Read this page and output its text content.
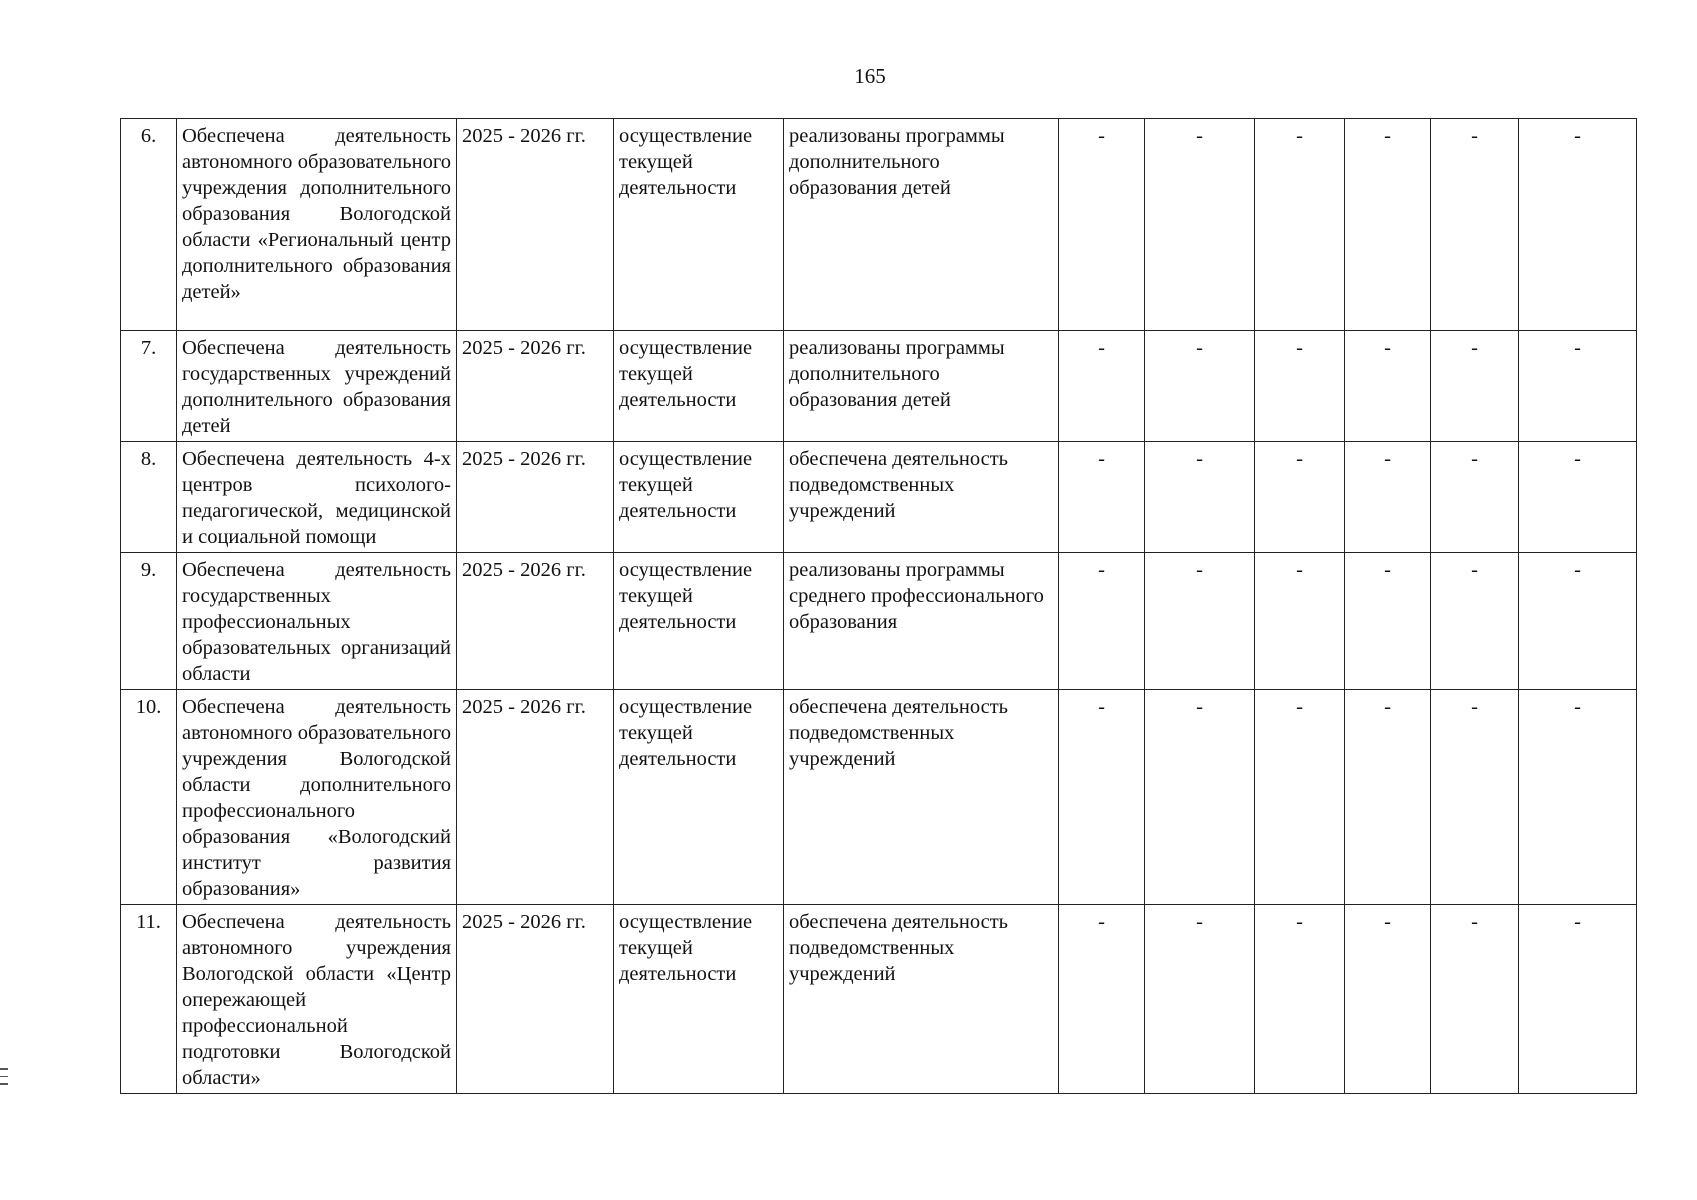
165
6.	Обеспечена деятельность автономного образовательного учреждения дополнительного образования Вологодской области «Региональный центр дополнительного образования детей»	2025 - 2026 гг.	осуществление текущей деятельности	реализованы программы дополнительного образования детей	-	-	-	-	-	-
7.	Обеспечена деятельность государственных учреждений дополнительного образования детей	2025 - 2026 гг.	осуществление текущей деятельности	реализованы программы дополнительного образования детей	-	-	-	-	-	-
8.	Обеспечена деятельность 4-х центров психолого-педагогической, медицинской и социальной помощи	2025 - 2026 гг.	осуществление текущей деятельности	обеспечена деятельность подведомственных учреждений	-	-	-	-	-	-
9.	Обеспечена деятельность государственных профессиональных образовательных организаций области	2025 - 2026 гг.	осуществление текущей деятельности	реализованы программы среднего профессионального образования	-	-	-	-	-	-
10.	Обеспечена деятельность автономного образовательного учреждения Вологодской области дополнительного профессионального образования «Вологодский институт развития образования»	2025 - 2026 гг.	осуществление текущей деятельности	обеспечена деятельность подведомственных учреждений	-	-	-	-	-	-
11.	Обеспечена деятельность автономного учреждения Вологодской области «Центр опережающей профессиональной подготовки Вологодской области»	2025 - 2026 гг.	осуществление текущей деятельности	обеспечена деятельность подведомственных учреждений	-	-	-	-	-	-
